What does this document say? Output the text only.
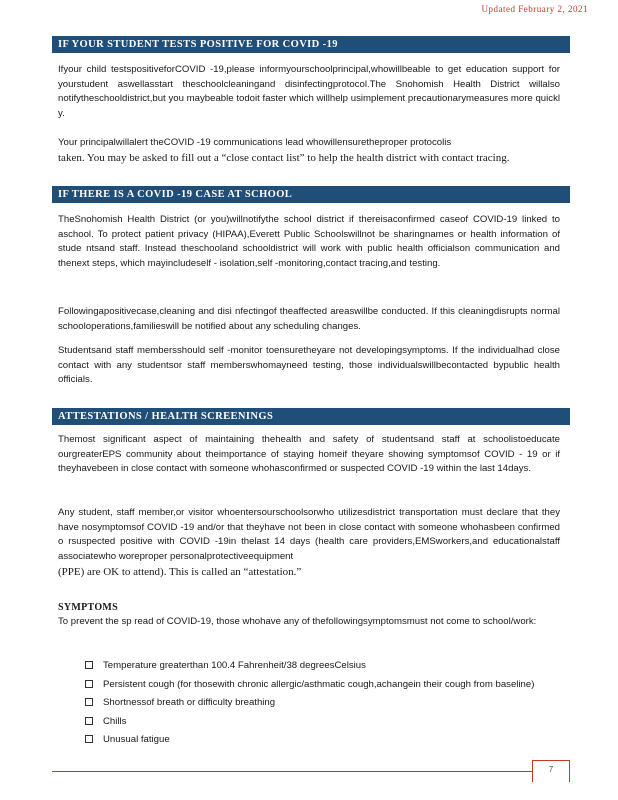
Updated February 2, 2021
IF YOUR STUDENT TESTS POSITIVE FOR COVID -19
Ifyour child testspositiveforCOVID -19,please informyourschoolprincipal,whowillbeable to get education support for yourstudent aswellasstart theschoolcleaningand disinfectingprotocol.The Snohomish Health District willalso notifytheschooldistrict,but you maybeable todoit faster which willhelp usimplement precautionarymeasures more quickl y.
Your principalwillalert theCOVID -19 communications lead whowillensuretheproper protocolis
taken. You may be asked to fill out a “close contact list” to help the health district with contact tracing.
IF THERE IS A COVID -19 CASE AT SCHOOL
TheSnohomish Health District (or you)willnotifythe school district if thereisaconfirmed caseof COVID-19 linked to aschool. To protect patient privacy (HIPAA),Everett Public Schoolswillnot be sharingnames or health information of stude ntsand staff. Instead theschooland schooldistrict will work with public health officialson communication and thenext steps, which mayincludeself - isolation,self -monitoring,contact tracing,and testing.
Followingapositivecase,cleaning and disi nfectingof theaffected areaswillbe conducted. If this cleaningdisrupts normal schooloperations,familieswill be notified about any scheduling changes.
Studentsand staff membersshould self -monitor toensuretheyare not developingsymptoms. If the individualhad close contact with any studentsor staff memberswhomayneed testing, those individualswillbecontacted bypublic health officials.
ATTESTATIONS / HEALTH SCREENINGS
Themost significant aspect of maintaining thehealth and safety of studentsand staff at schoolistoeducate ourgreaterEPS community about theimportance of staying homeif theyare showing symptomsof COVID - 19 or if theyhavebeen in close contact with someone whohasconfirmed or suspected COVID -19 within the last 14days.
Any student, staff member,or visitor whoentersourschoolsorwho utilizesdistrict transportation must declare that they have nosymptomsof COVID -19 and/or that theyhave not been in close contact with someone whohasbeen confirmed o rsuspected positive with COVID -19in thelast 14 days (health care providers,EMSworkers,and educationalstaff associatewho woreproper personalprotectiveequipment
(PPE) are OK to attend). This is called an “attestation.”
SYMPTOMS
To prevent the sp read of COVID-19, those whohave any of thefollowingsymptomsmust not come to school/work:
Temperature greaterthan 100.4 Fahrenheit/38 degreesCelsius
Persistent cough (for thosewith chronic allergic/asthmatic cough,achangein their cough from baseline)
Shortnessof breath or difficulty breathing
Chills
Unusual fatigue
7
